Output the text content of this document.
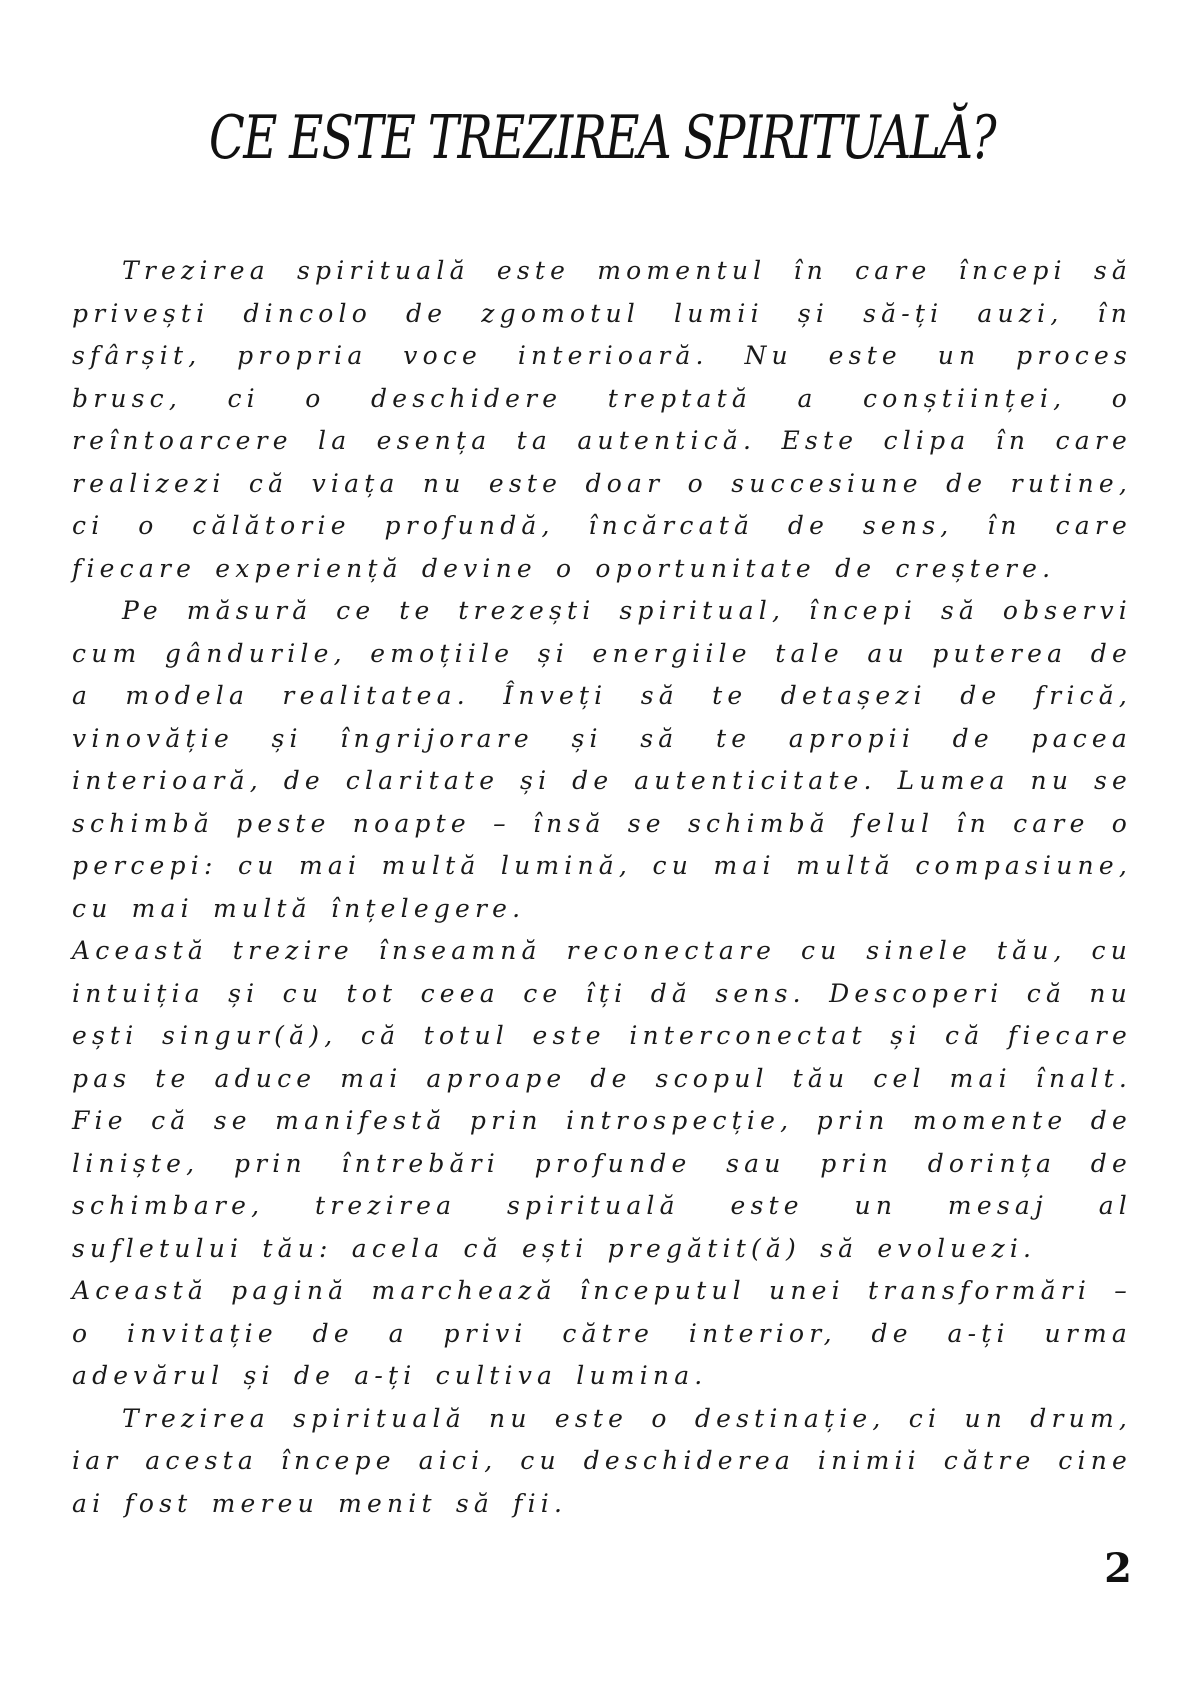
CE ESTE TREZIREA SPIRITUALĂ?

Trezirea spirituală este momentul în care începi să privești dincolo de zgomotul lumii și să-ți auzi, în sfârșit, propria voce interioară. Nu este un proces brusc, ci o deschidere treptată a conștiinței, o reîntoarcere la esența ta autentică. Este clipa în care realizezi că viața nu este doar o succesiune de rutine, ci o călătorie profundă, încărcată de sens, în care fiecare experiență devine o oportunitate de creștere.

Pe măsură ce te trezești spiritual, începi să observi cum gândurile, emoțiile și energiile tale au puterea de a modela realitatea. Înveți să te detașezi de frică, vinovăție și îngrijorare și să te apropii de pacea interioară, de claritate și de autenticitate. Lumea nu se schimbă peste noapte – însă se schimbă felul în care o percepi: cu mai multă lumină, cu mai multă compasiune, cu mai multă înțelegere.

Această trezire înseamnă reconectare cu sinele tău, cu intuiția și cu tot ceea ce îți dă sens. Descoperi că nu ești singur(ă), că totul este interconectat și că fiecare pas te aduce mai aproape de scopul tău cel mai înalt. Fie că se manifestă prin introspecție, prin momente de liniște, prin întrebări profunde sau prin dorința de schimbare, trezirea spirituală este un mesaj al sufletului tău: acela că ești pregătit(ă) să evoluezi.

Această pagină marchează începutul unei transformări – o invitație de a privi către interior, de a-ți urma adevărul și de a-ți cultiva lumina.

Trezirea spirituală nu este o destinație, ci un drum, iar acesta începe aici, cu deschiderea inimii către cine ai fost mereu menit să fii.

2
